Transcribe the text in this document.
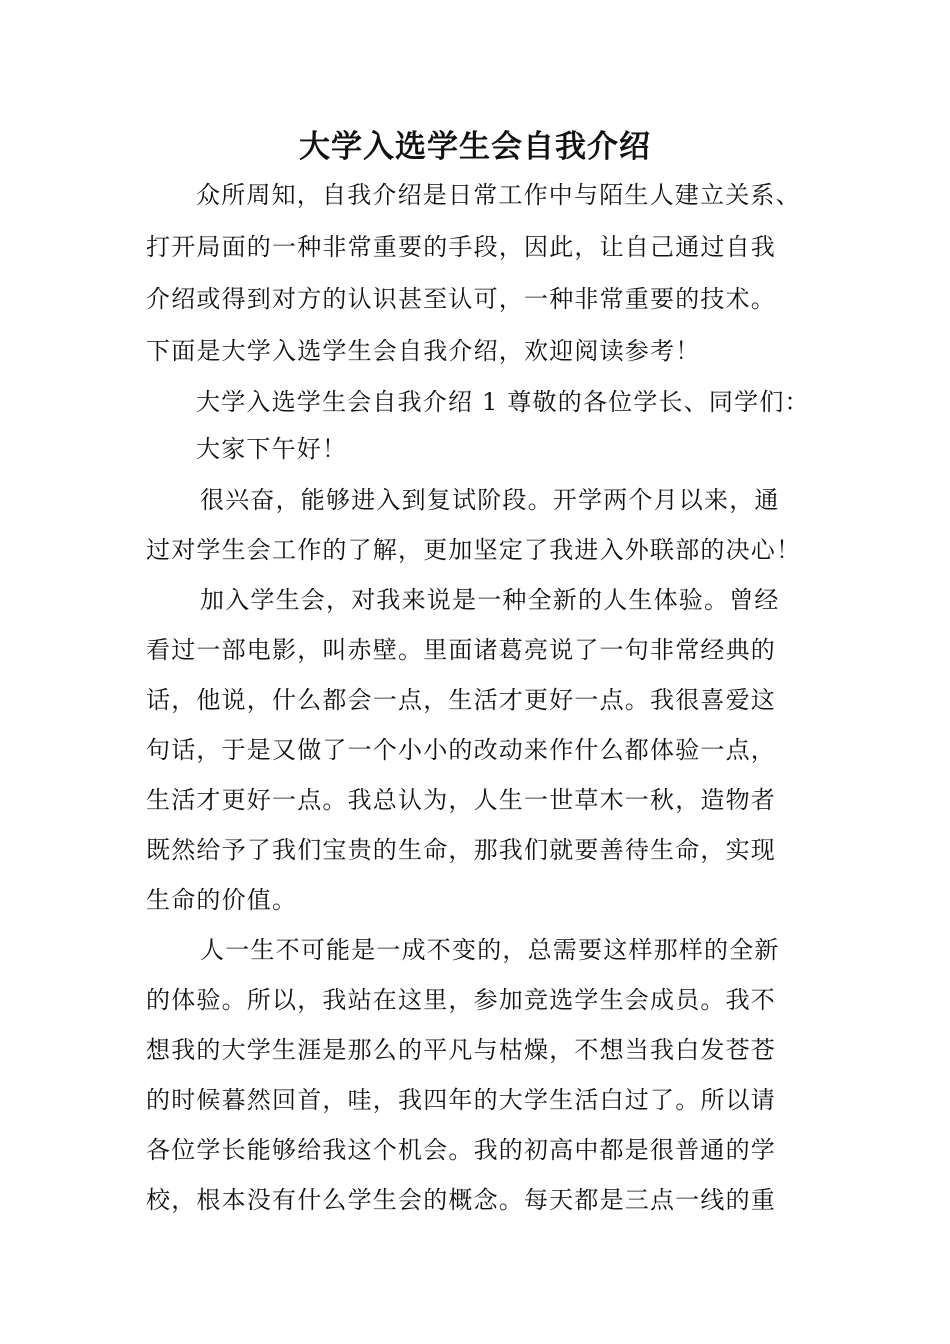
大学入选学生会自我介绍
众所周知，自我介绍是日常工作中与陌生人建立关系、
打开局面的一种非常重要的手段，因此，让自己通过自我
介绍或得到对方的认识甚至认可，一种非常重要的技术。
下面是大学入选学生会自我介绍，欢迎阅读参考！
大学入选学生会自我介绍 1 尊敬的各位学长、同学们：
大家下午好！
很兴奋，能够进入到复试阶段。开学两个月以来，通
过对学生会工作的了解，更加坚定了我进入外联部的决心！
加入学生会，对我来说是一种全新的人生体验。曾经
看过一部电影，叫赤壁。里面诸葛亮说了一句非常经典的
话，他说，什么都会一点，生活才更好一点。我很喜爱这
句话，于是又做了一个小小的改动来作什么都体验一点，
生活才更好一点。我总认为，人生一世草木一秋，造物者
既然给予了我们宝贵的生命，那我们就要善待生命，实现
生命的价值。
人一生不可能是一成不变的，总需要这样那样的全新
的体验。所以，我站在这里，参加竞选学生会成员。我不
想我的大学生涯是那么的平凡与枯燥，不想当我白发苍苍
的时候暮然回首，哇，我四年的大学生活白过了。所以请
各位学长能够给我这个机会。我的初高中都是很普通的学
校，根本没有什么学生会的概念。每天都是三点一线的重
